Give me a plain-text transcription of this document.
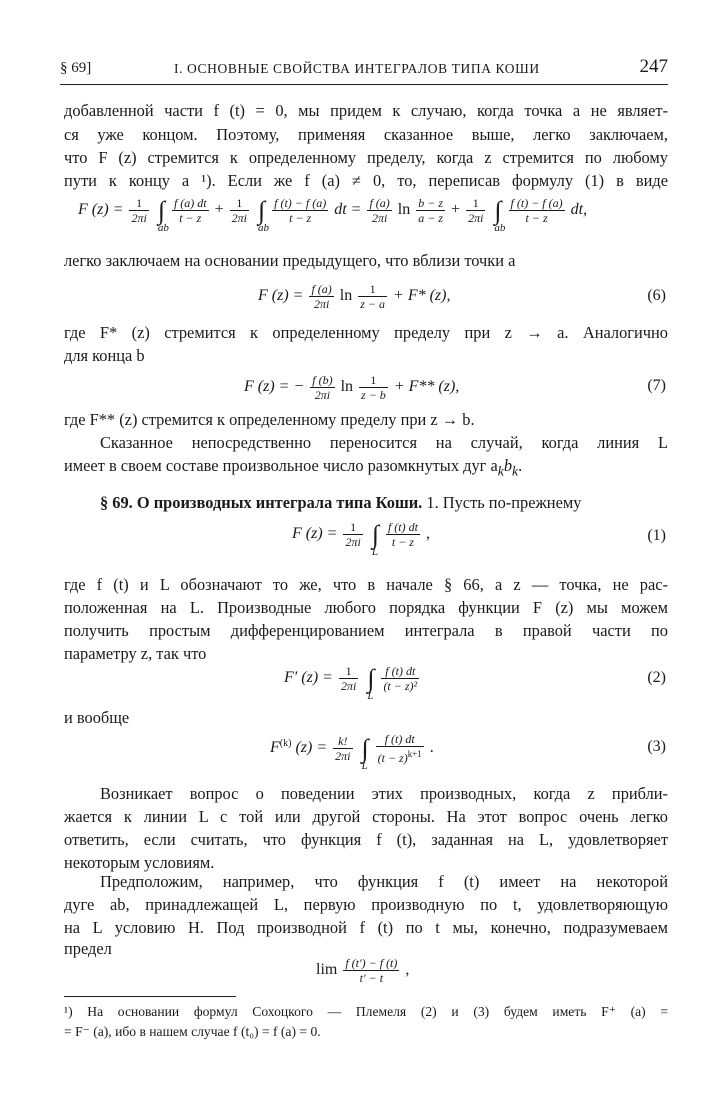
§ 69]	I. ОСНОВНЫЕ СВОЙСТВА ИНТЕГРАЛОВ ТИПА КОШИ	247
добавленной части f (t) = 0, мы придем к случаю, когда точка a не являет-
ся уже концом. Поэтому, применяя сказанное выше, легко заключаем,
что F (z) стремится к определенному пределу, когда z стремится по любому
пути к концу a ¹). Если же f (a) ≠ 0, то, переписав формулу (1) в виде
F $(z) = \frac{1}{2\pi i}$ ∫
ab

$\frac{f (a) dt}{t - z} + \frac{1}{2\pi i}$ ∫
ab

$\frac{f (t) - f (a)}{t - z}$ dt = $\frac{f (a)}{2\pi i}$ $\ln \frac{b - z}{a - z} + \frac{1}{2\pi i}$ ∫
ab

$\frac{f (t) - f (a)}{t - z}$ dt,
легко заключаем на основании предыдущего, что вблизи точки a
F $(z) = \frac{f (a)}{2\pi i}$ $\ln \frac{1}{z - a} + F*$ (z),	(6)
где F* (z) стремится к определенному пределу при z → a. Аналогично
для конца b
F (z) = − $\frac{f (b)}{2\pi i}$ $\ln \frac{1}{z - b} + F**$ (z),	(7)
где F** (z) стремится к определенному пределу при z → b.
Сказанное непосредственно переносится на случай, когда линия L
имеет в своем составе произвольное число разомкнутых дуг $a_kb_k$.
§ 69. О производных интеграла типа Коши. 1. Пусть по-прежнему
F $(z) = \frac{1}{2\pi i}$ ∫
L

$\frac{f (t) dt}{t - z}$ ,	(1)
где f (t) и L обозначают то же, что в начале § 66, а z — точка, не рас-
положенная на L. Производные любого порядка функции F (z) мы можем
получить простым дифференцированием интеграла в правой части по
параметру z, так что
F′ $(z) = \frac{1}{2\pi i}$ ∫
L

$\frac{f (t) dt}{\text{(t − z)²}}$	(2)
и вообще
$F^{(k)}$ $(z) = \frac{k!}{2\pi i}$ ∫
L

$\frac{f (t) dt}{(t - z)^{k+1}}$ .	(3)
Возникает вопрос о поведении этих производных, когда z прибли-
жается к линии L с той или другой стороны. На этот вопрос очень легко
ответить, если считать, что функция f (t), заданная на L, удовлетворяет
некоторым условиям.
Предположим, например, что функция f (t) имеет на некоторой
дуге ab, принадлежащей L, первую производную по t, удовлетворяющую
на L условию H. Под производной f (t) по t мы, конечно, подразумеваем
предел
$\lim \frac{f (t') - f (t)}{t' - t}$ ,
¹) На основании формул Сохоцкого — Племеля (2) и (3) будем иметь F⁺ (a) =
= F⁻ (a), ибо в нашем случае f (t₀) = f (a) = 0.
